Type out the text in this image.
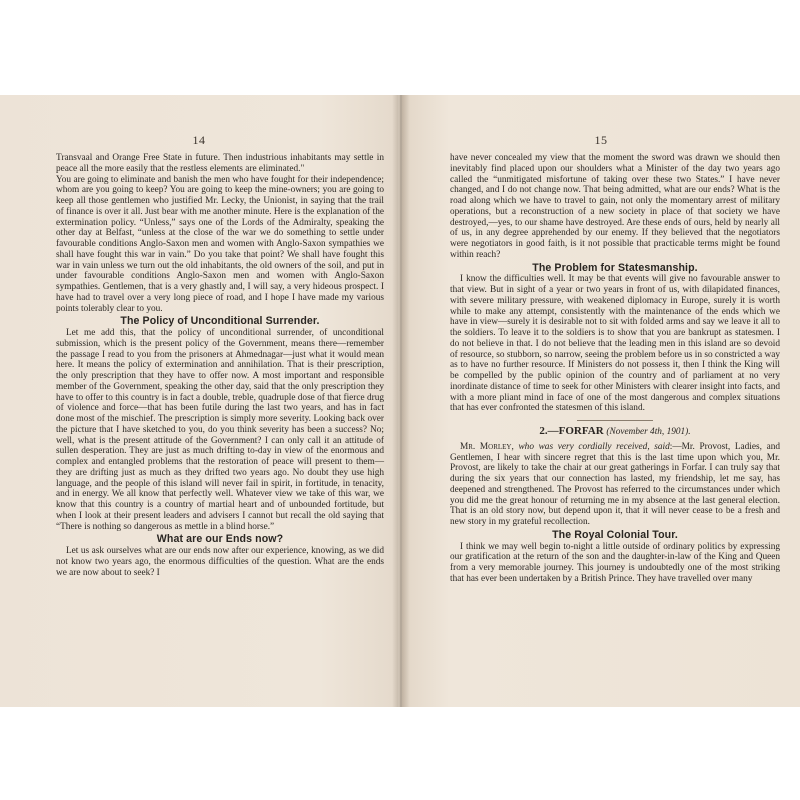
14

Transvaal and Orange Free State in future. Then industrious inhabitants may settle in peace all the more easily that the restless elements are eliminated."

You are going to eliminate and banish the men who have fought for their independence; whom are you going to keep? You are going to keep the mine-owners; you are going to keep all those gentlemen who justified Mr. Lecky, the Unionist, in saying that the trail of finance is over it all. Just bear with me another minute. Here is the explanation of the extermination policy. “Unless,” says one of the Lords of the Admiralty, speaking the other day at Belfast, “unless at the close of the war we do something to settle under favourable conditions Anglo-Saxon men and women with Anglo-Saxon sympathies we shall have fought this war in vain.” Do you take that point? We shall have fought this war in vain unless we turn out the old inhabitants, the old owners of the soil, and put in under favourable conditions Anglo-Saxon men and women with Anglo-Saxon sympathies. Gentlemen, that is a very ghastly and, I will say, a very hideous prospect. I have had to travel over a very long piece of road, and I hope I have made my various points tolerably clear to you.

The Policy of Unconditional Surrender.

Let me add this, that the policy of unconditional surrender, of unconditional submission, which is the present policy of the Government, means there—remember the passage I read to you from the prisoners at Ahmednagar—just what it would mean here. It means the policy of extermination and annihilation. That is their prescription, the only prescription that they have to offer now. A most important and responsible member of the Government, speaking the other day, said that the only prescription they have to offer to this country is in fact a double, treble, quadruple dose of that fierce drug of violence and force—that has been futile during the last two years, and has in fact done most of the mischief. The prescription is simply more severity. Looking back over the picture that I have sketched to you, do you think severity has been a success? No; well, what is the present attitude of the Government? I can only call it an attitude of sullen desperation. They are just as much drifting to-day in view of the enormous and complex and entangled problems that the restoration of peace will present to them—they are drifting just as much as they drifted two years ago. No doubt they use high language, and the people of this island will never fail in spirit, in fortitude, in tenacity, and in energy. We all know that perfectly well. Whatever view we take of this war, we know that this country is a country of martial heart and of unbounded fortitude, but when I look at their present leaders and advisers I cannot but recall the old saying that “There is nothing so dangerous as mettle in a blind horse.”

What are our Ends now?

Let us ask ourselves what are our ends now after our experience, knowing, as we did not know two years ago, the enormous difficulties of the question. What are the ends we are now about to seek? I

15

have never concealed my view that the moment the sword was drawn we should then inevitably find placed upon our shoulders what a Minister of the day two years ago called the “unmitigated misfortune of taking over these two States.” I have never changed, and I do not change now. That being admitted, what are our ends? What is the road along which we have to travel to gain, not only the momentary arrest of military operations, but a reconstruction of a new society in place of that society we have destroyed,—yes, to our shame have destroyed. Are these ends of ours, held by nearly all of us, in any degree apprehended by our enemy. If they believed that the negotiators were negotiators in good faith, is it not possible that practicable terms might be found within reach?

The Problem for Statesmanship.

I know the difficulties well. It may be that events will give no favourable answer to that view. But in sight of a year or two years in front of us, with dilapidated finances, with severe military pressure, with weakened diplomacy in Europe, surely it is worth while to make any attempt, consistently with the maintenance of the ends which we have in view—surely it is desirable not to sit with folded arms and say we leave it all to the soldiers. To leave it to the soldiers is to show that you are bankrupt as statesmen. I do not believe in that. I do not believe that the leading men in this island are so devoid of resource, so stubborn, so narrow, seeing the problem before us in so constricted a way as to have no further resource. If Ministers do not possess it, then I think the King will be compelled by the public opinion of the country and of parliament at no very inordinate distance of time to seek for other Ministers with clearer insight into facts, and with a more pliant mind in face of one of the most dangerous and complex situations that has ever confronted the statesmen of this island.

2.—FORFAR (November 4th, 1901).

Mr. Morley, who was very cordially received, said:—Mr. Provost, Ladies, and Gentlemen, I hear with sincere regret that this is the last time upon which you, Mr. Provost, are likely to take the chair at our great gatherings in Forfar. I can truly say that during the six years that our connection has lasted, my friendship, let me say, has deepened and strengthened. The Provost has referred to the circumstances under which you did me the great honour of returning me in my absence at the last general election. That is an old story now, but depend upon it, that it will never cease to be a fresh and new story in my grateful recollection.

The Royal Colonial Tour.

I think we may well begin to-night a little outside of ordinary politics by expressing our gratification at the return of the son and the daughter-in-law of the King and Queen from a very memorable journey. This journey is undoubtedly one of the most striking that has ever been undertaken by a British Prince. They have travelled over many
